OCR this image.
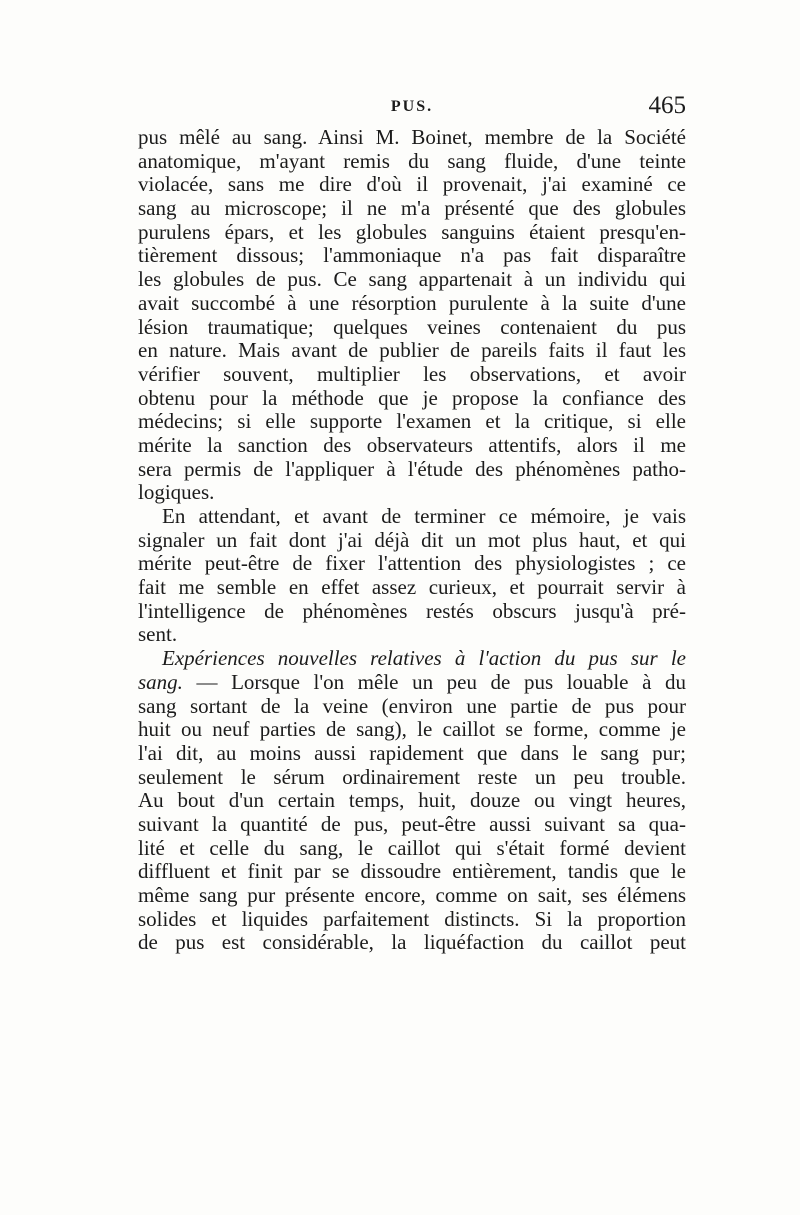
PUS.	465
pus mêlé au sang. Ainsi M. Boinet, membre de la Société
anatomique, m'ayant remis du sang fluide, d'une teinte
violacée, sans me dire d'où il provenait, j'ai examiné ce
sang au microscope; il ne m'a présenté que des globules
purulens épars, et les globules sanguins étaient presqu'en-
tièrement dissous; l'ammoniaque n'a pas fait disparaître
les globules de pus. Ce sang appartenait à un individu qui
avait succombé à une résorption purulente à la suite d'une
lésion traumatique; quelques veines contenaient du pus
en nature. Mais avant de publier de pareils faits il faut les
vérifier souvent, multiplier les observations, et avoir
obtenu pour la méthode que je propose la confiance des
médecins; si elle supporte l'examen et la critique, si elle
mérite la sanction des observateurs attentifs, alors il me
sera permis de l'appliquer à l'étude des phénomènes patho-
logiques.
En attendant, et avant de terminer ce mémoire, je vais
signaler un fait dont j'ai déjà dit un mot plus haut, et qui
mérite peut-être de fixer l'attention des physiologistes ; ce
fait me semble en effet assez curieux, et pourrait servir à
l'intelligence de phénomènes restés obscurs jusqu'à pré-
sent.
Expériences nouvelles relatives à l'action du pus sur le
sang. — Lorsque l'on mêle un peu de pus louable à du
sang sortant de la veine (environ une partie de pus pour
huit ou neuf parties de sang), le caillot se forme, comme je
l'ai dit, au moins aussi rapidement que dans le sang pur;
seulement le sérum ordinairement reste un peu trouble.
Au bout d'un certain temps, huit, douze ou vingt heures,
suivant la quantité de pus, peut-être aussi suivant sa qua-
lité et celle du sang, le caillot qui s'était formé devient
diffluent et finit par se dissoudre entièrement, tandis que le
même sang pur présente encore, comme on sait, ses élémens
solides et liquides parfaitement distincts. Si la proportion
de pus est considérable, la liquéfaction du caillot peut
